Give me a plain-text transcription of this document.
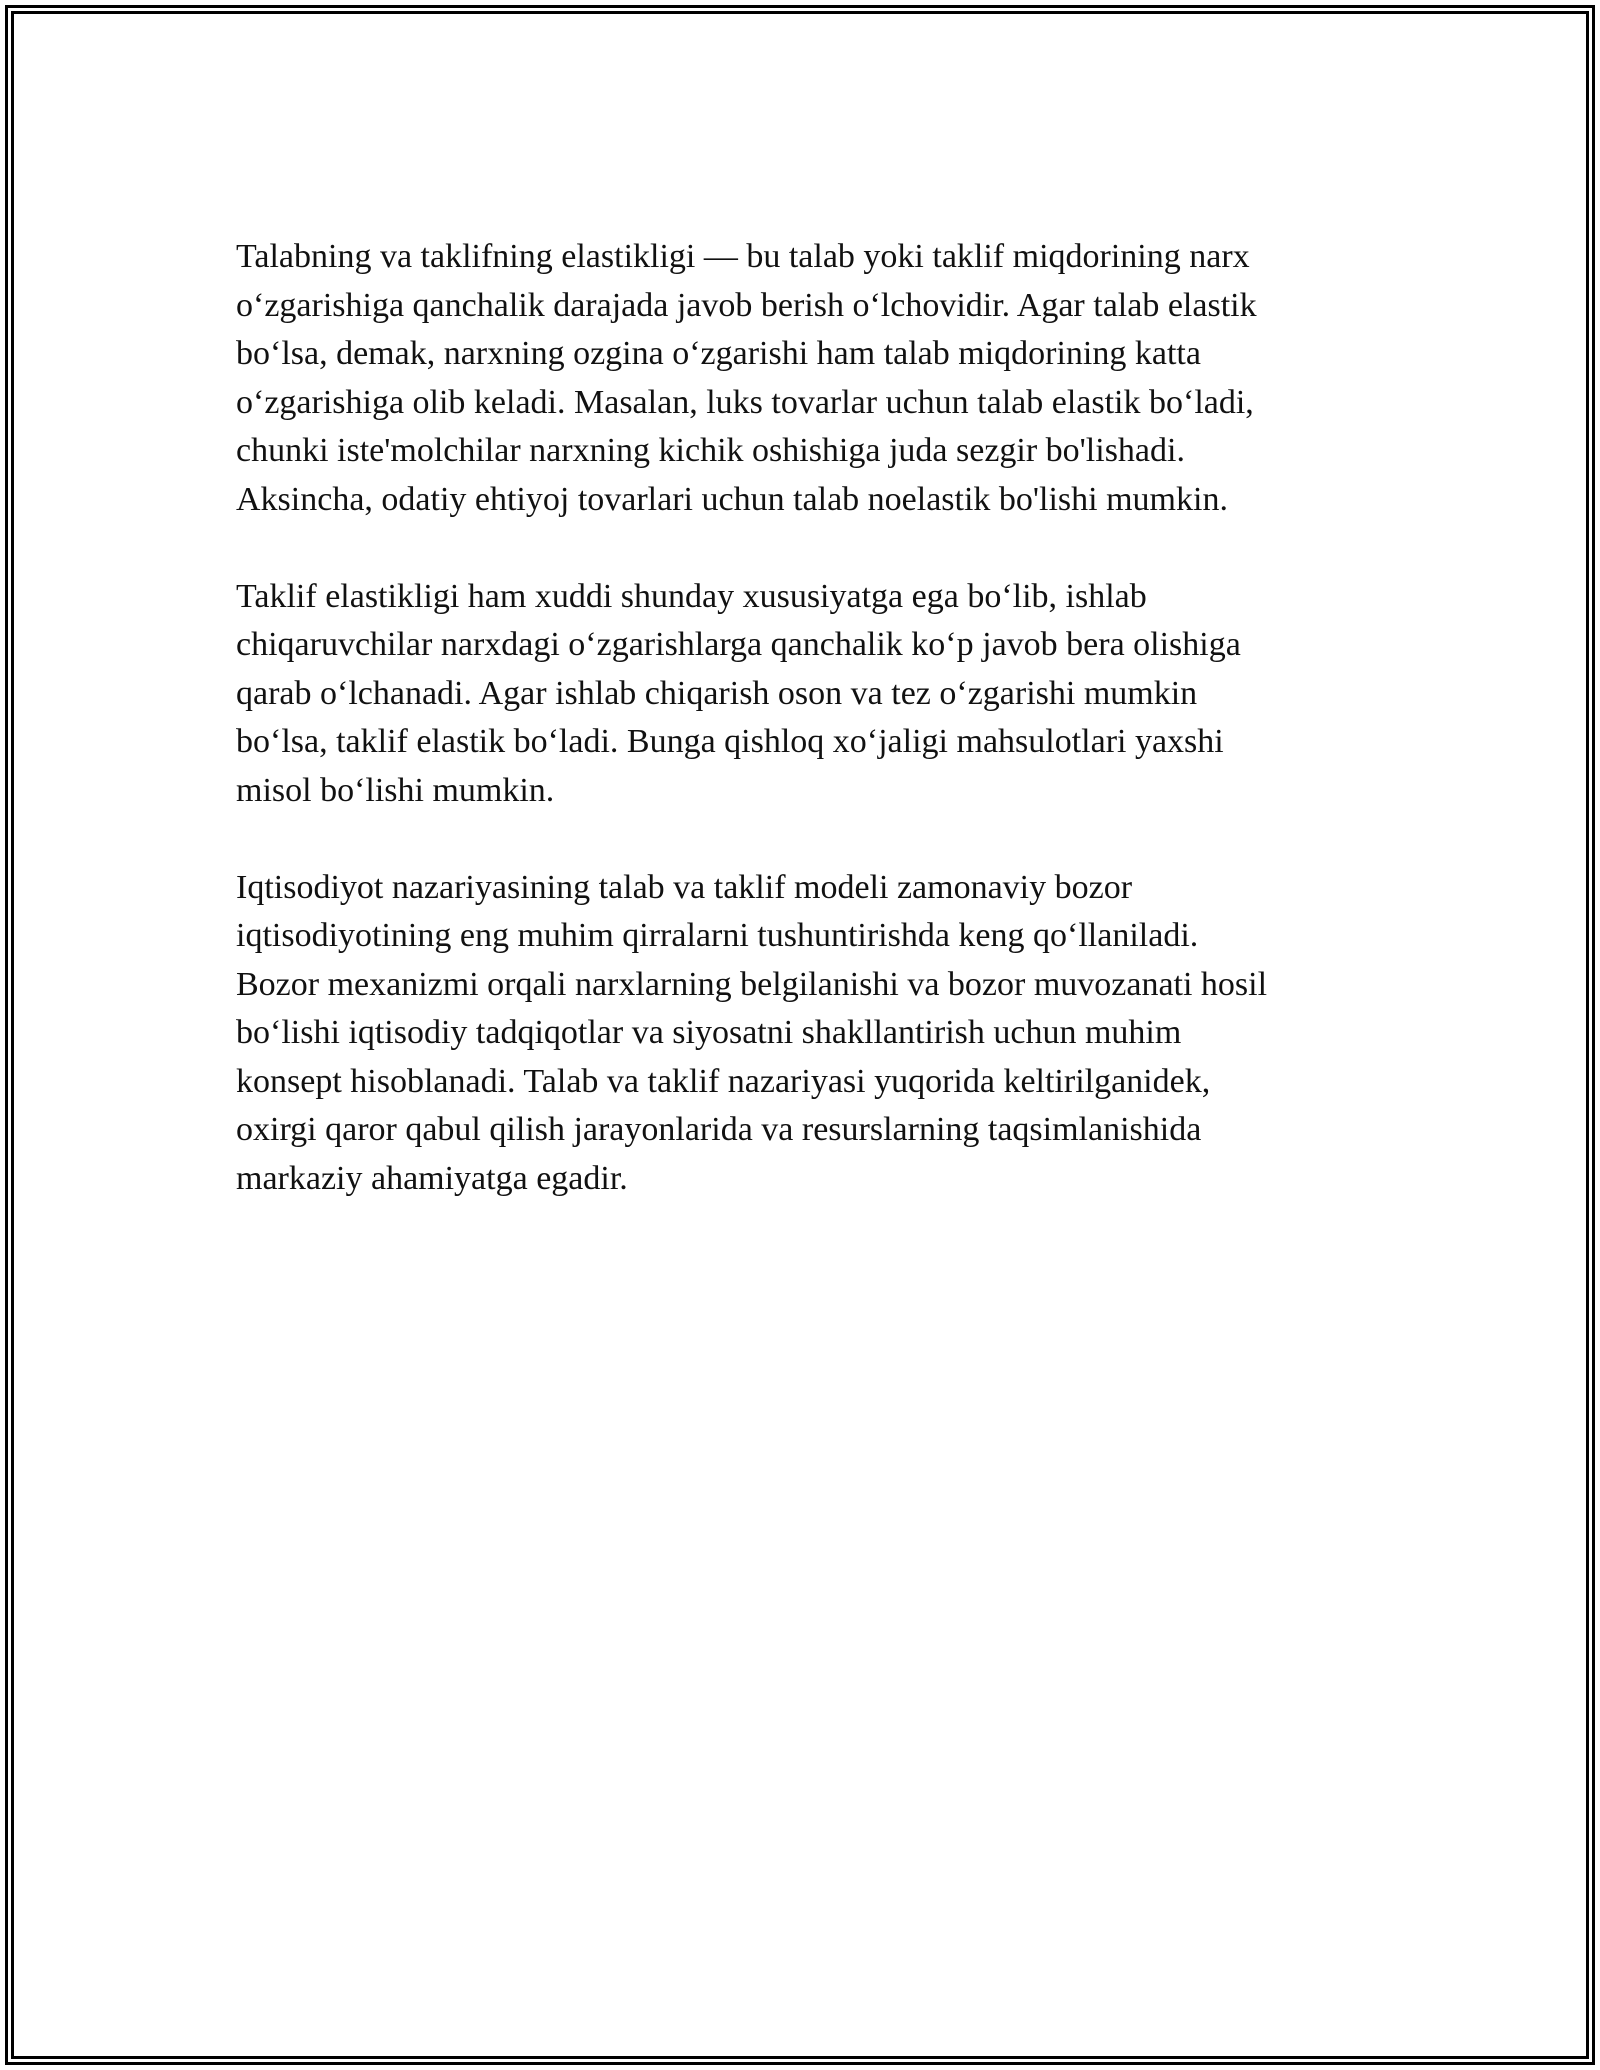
Talabning va taklifning elastikligi — bu talab yoki taklif miqdorining narx
o‘zgarishiga qanchalik darajada javob berish o‘lchovidir. Agar talab elastik
bo‘lsa, demak, narxning ozgina o‘zgarishi ham talab miqdorining katta
o‘zgarishiga olib keladi. Masalan, luks tovarlar uchun talab elastik bo‘ladi,
chunki iste'molchilar narxning kichik oshishiga juda sezgir bo'lishadi.
Aksincha, odatiy ehtiyoj tovarlari uchun talab noelastik bo'lishi mumkin.

Taklif elastikligi ham xuddi shunday xususiyatga ega bo‘lib, ishlab
chiqaruvchilar narxdagi o‘zgarishlarga qanchalik ko‘p javob bera olishiga
qarab o‘lchanadi. Agar ishlab chiqarish oson va tez o‘zgarishi mumkin
bo‘lsa, taklif elastik bo‘ladi. Bunga qishloq xo‘jaligi mahsulotlari yaxshi
misol bo‘lishi mumkin.

Iqtisodiyot nazariyasining talab va taklif modeli zamonaviy bozor
iqtisodiyotining eng muhim qirralarni tushuntirishda keng qo‘llaniladi.
Bozor mexanizmi orqali narxlarning belgilanishi va bozor muvozanati hosil
bo‘lishi iqtisodiy tadqiqotlar va siyosatni shakllantirish uchun muhim
konsept hisoblanadi. Talab va taklif nazariyasi yuqorida keltirilganidek,
oxirgi qaror qabul qilish jarayonlarida va resurslarning taqsimlanishida
markaziy ahamiyatga egadir.
